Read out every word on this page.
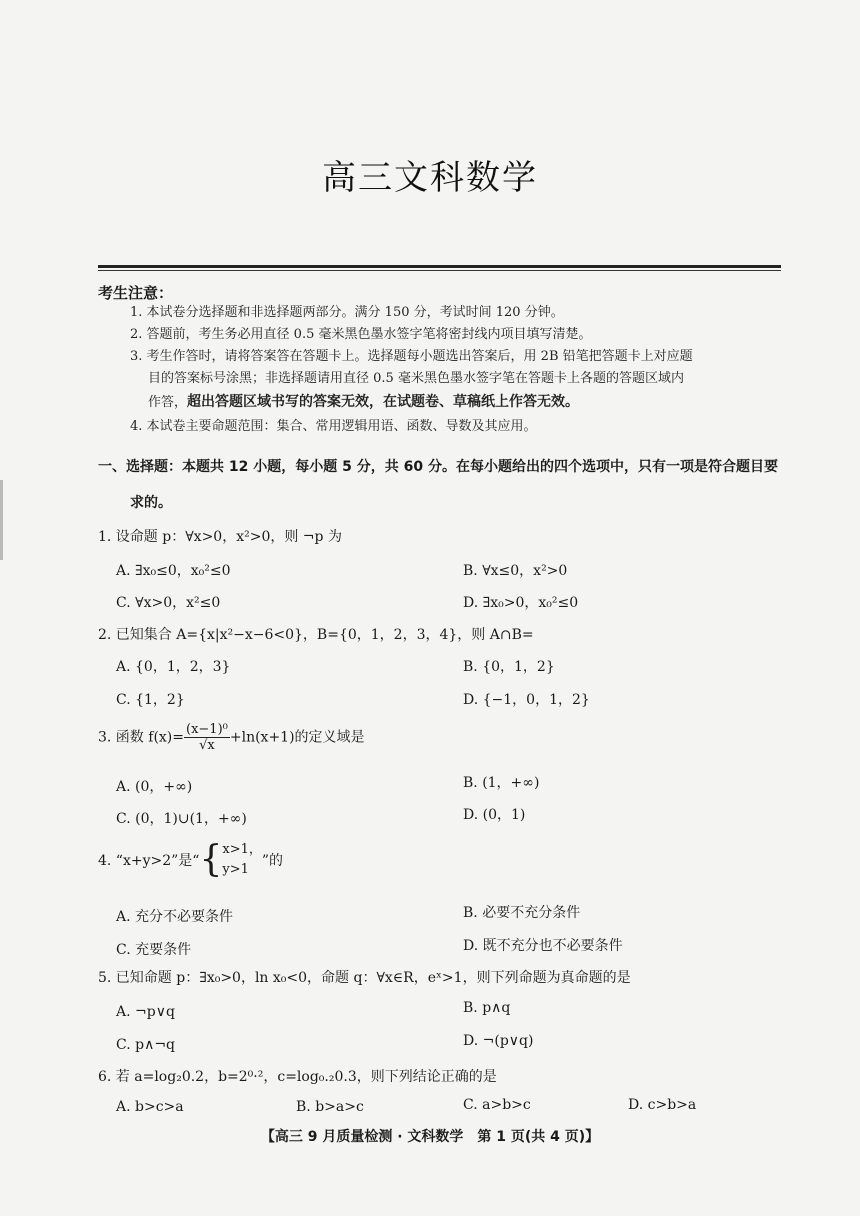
高三文科数学
考生注意：
1. 本试卷分选择题和非选择题两部分。满分 150 分，考试时间 120 分钟。
2. 答题前，考生务必用直径 0.5 毫米黑色墨水签字笔将密封线内项目填写清楚。
3. 考生作答时，请将答案答在答题卡上。选择题每小题选出答案后，用 2B 铅笔把答题卡上对应题
目的答案标号涂黑；非选择题请用直径 0.5 毫米黑色墨水签字笔在答题卡上各题的答题区域内
作答，超出答题区域书写的答案无效，在试题卷、草稿纸上作答无效。
4. 本试卷主要命题范围：集合、常用逻辑用语、函数、导数及其应用。
一、选择题：本题共 12 小题，每小题 5 分，共 60 分。在每小题给出的四个选项中，只有一项是符合题目要
求的。
1. 设命题 p：∀x>0，x²>0，则 ¬p 为
A. ∃x₀≤0，x₀²≤0	B. ∀x≤0，x²>0
C. ∀x>0，x²≤0	D. ∃x₀>0，x₀²≤0
2. 已知集合 A={x|x²−x−6<0}，B={0，1，2，3，4}，则 A∩B=
A. {0，1，2，3}	B. {0，1，2}
C. {1，2}	D. {−1，0，1，2}
3. 函数 $f(x)= \frac{\text{(x−1)⁰}}{√x} +\ln(x+1)$的定义域是
A. (0，+∞)	B. (1，+∞)
C. (0，1)∪(1，+∞)	D. (0，1)
4. “x+y>2”是“{ x>1，
y>1
”的
A. 充分不必要条件	B. 必要不充分条件
C. 充要条件	D. 既不充分也不必要条件
5. 已知命题 p：∃x₀>0，ln x₀<0，命题 q：∀x∈R，eˣ>1，则下列命题为真命题的是
A. ¬p∨q	B. p∧q
C. p∧¬q	D. ¬(p∨q)
6. 若 a=log₂0.2，b=2⁰·²，c=log₀.₂0.3，则下列结论正确的是
A. b>c>a	B. b>a>c	C. a>b>c	D. c>b>a
【高三 9 月质量检测 · 文科数学　第 1 页(共 4 页)】
